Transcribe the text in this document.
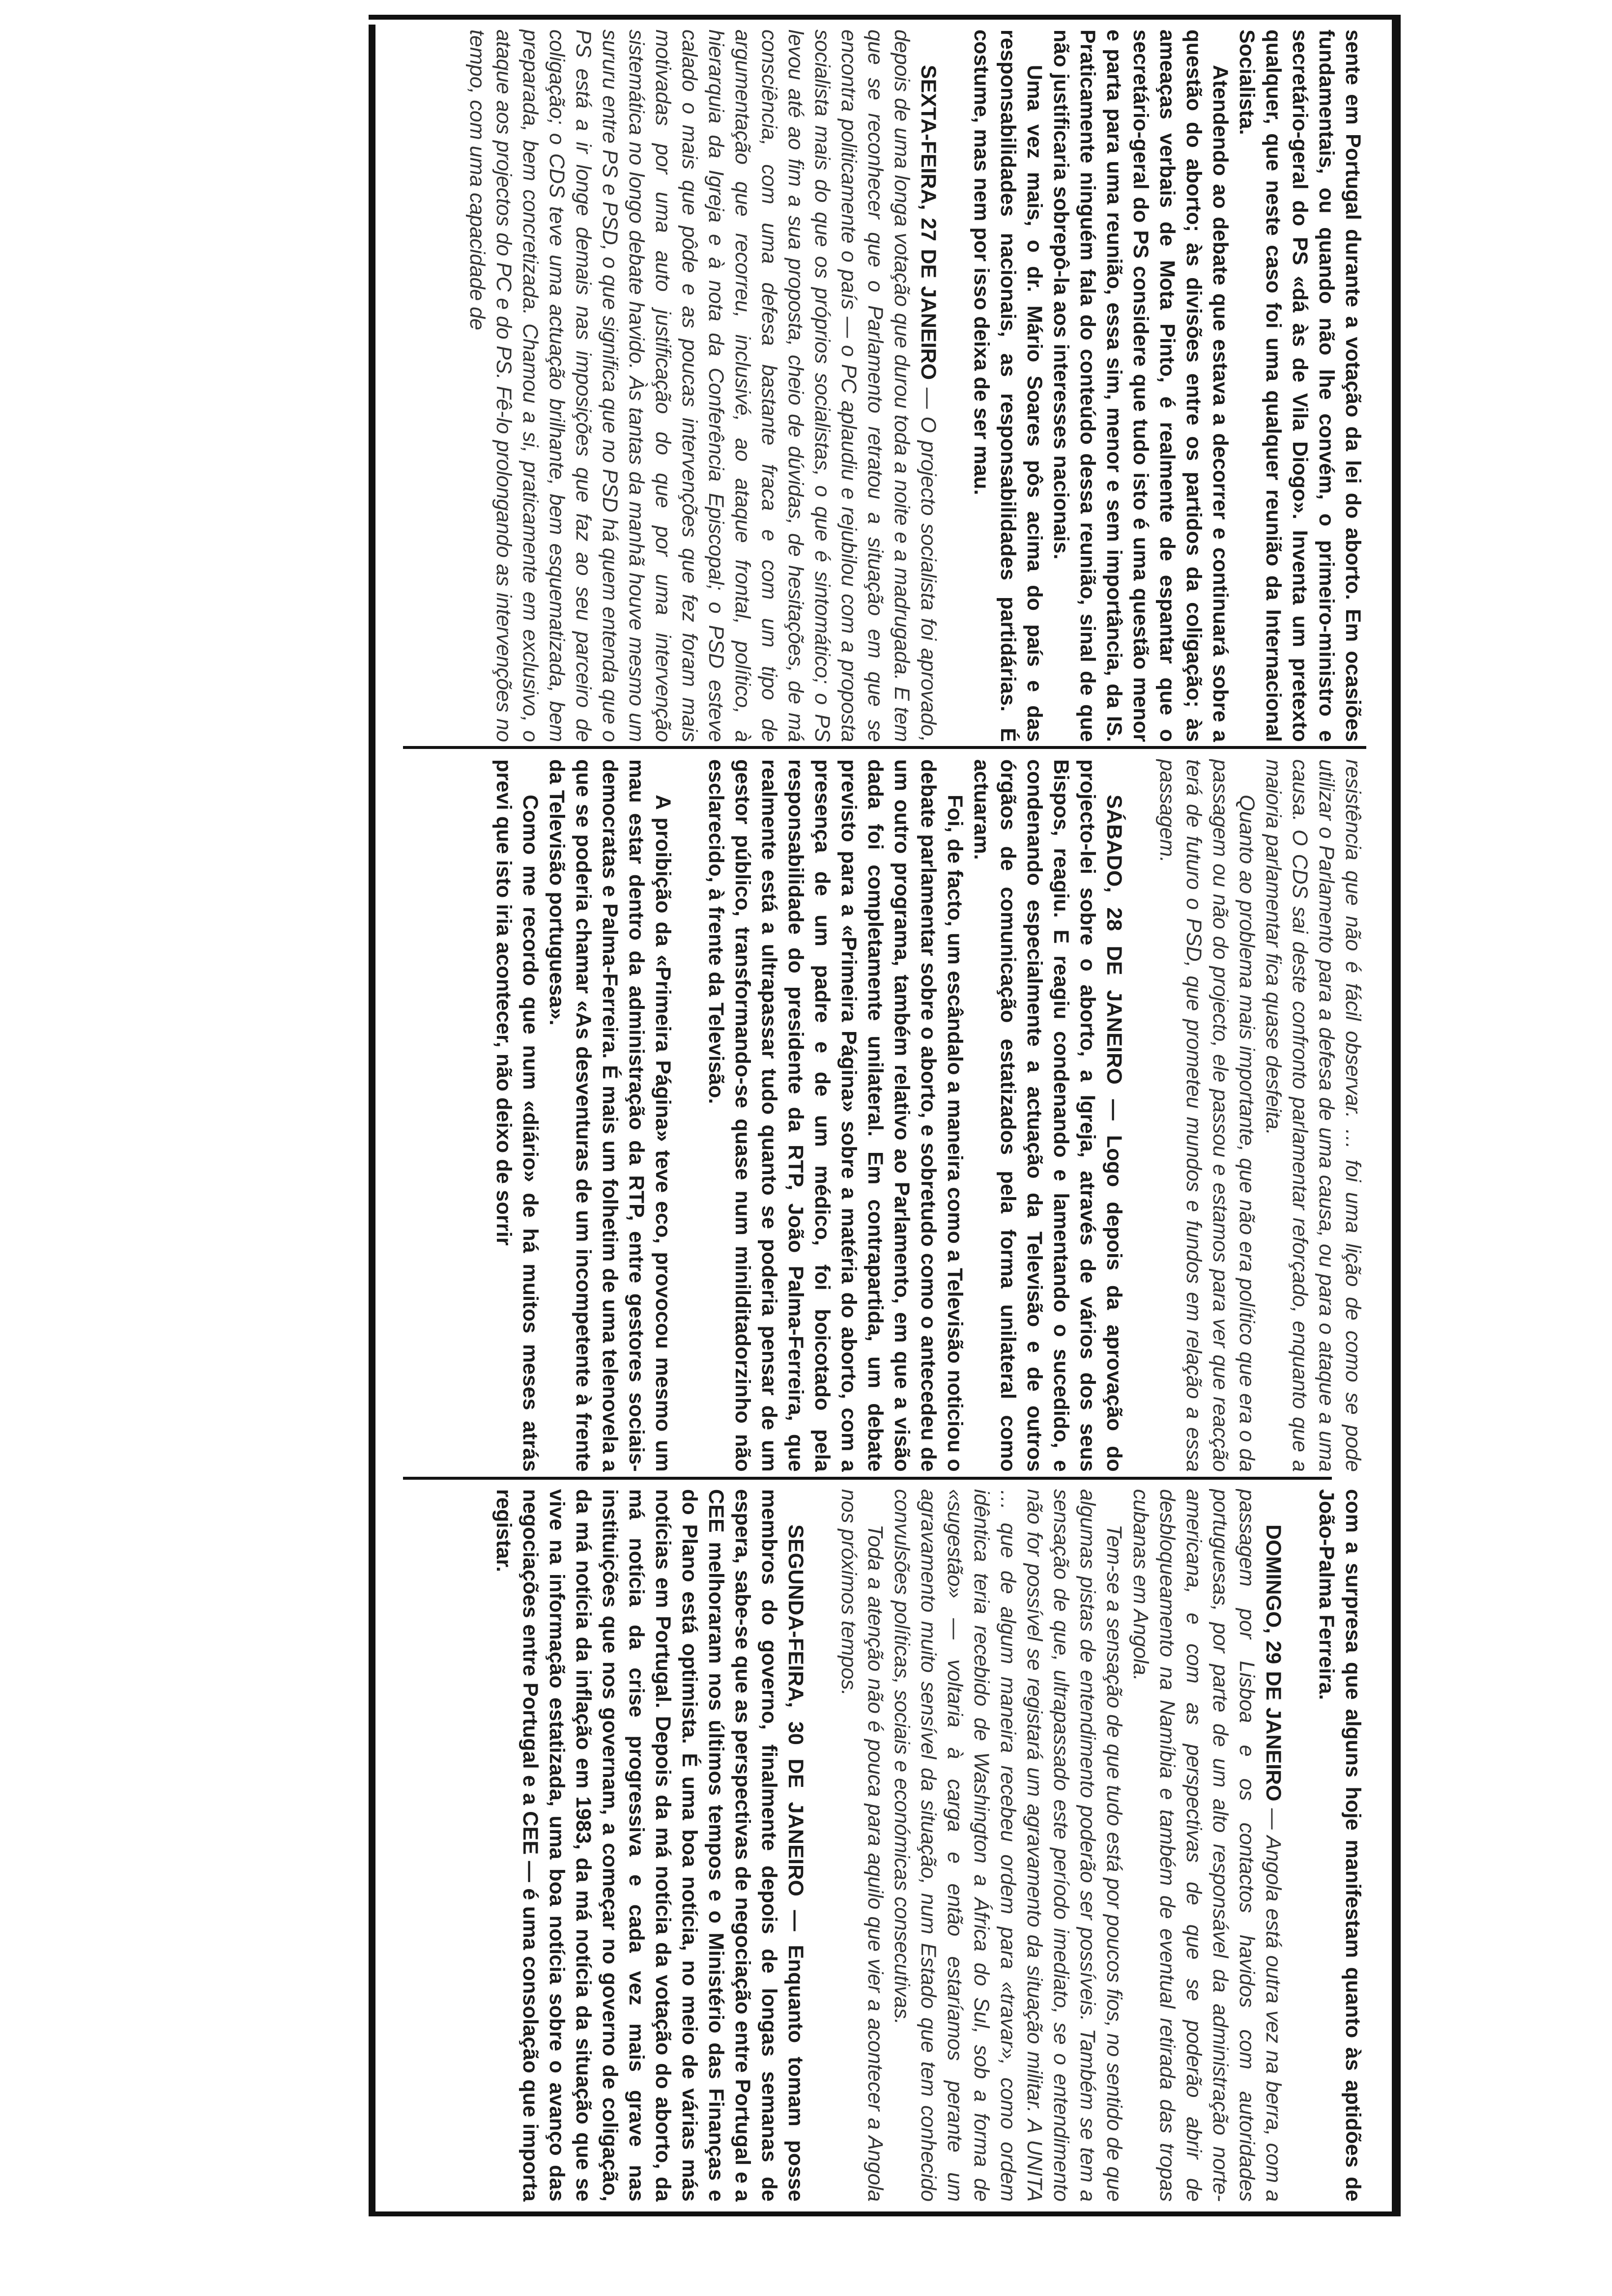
sente em Portugal durante a votação da lei do aborto. Em ocasiões fundamentais, ou quando não lhe convém, o primeiro-ministro e secretário-geral do PS «dá às de Vila Diogo». Inventa um pretexto qualquer, que neste caso foi uma qualquer reunião da Internacional Socialista.

Atendendo ao debate que estava a decorrer e continuará sobre a questão do aborto; às divisões entre os partidos da coligação; às ameaças verbais de Mota Pinto, é realmente de espantar que o secretário-geral do PS considere que tudo isto é uma questão menor e parta para uma reunião, essa sim, menor e sem importância, da IS. Praticamente ninguém fala do conteúdo dessa reunião, sinal de que não justificaria sobrepô-la aos interesses nacionais.

Uma vez mais, o dr. Mário Soares pôs acima do país e das responsabilidades nacionais, as responsabilidades partidárias. É costume, mas nem por isso deixa de ser mau.

SEXTA-FEIRA, 27 DE JANEIRO — O projecto socialista foi aprovado, depois de uma longa votação que durou toda a noite e a madrugada. E tem que se reconhecer que o Parlamento retratou a situação em que se encontra politicamente o país — o PC aplaudiu e rejubilou com a proposta socialista mais do que os próprios socialistas, o que é sintomático; o PS levou até ao fim a sua proposta, cheio de dúvidas, de hesitações, de má consciência, com uma defesa bastante fraca e com um tipo de argumentação que recorreu, inclusivé, ao ataque frontal, político, à hierarquia da Igreja e à nota da Conferência Episcopal; o PSD esteve calado o mais que pôde e as poucas intervenções que fez foram mais motivadas por uma auto justificação do que por uma intervenção sistemática no longo debate havido. Às tantas da manhã houve mesmo um sururu entre PS e PSD, o que significa que no PSD há quem entenda que o PS está a ir longe demais nas imposições que faz ao seu parceiro de coligação; o CDS teve uma actuação brilhante, bem esquematizada, bem preparada, bem concretizada. Chamou a si, praticamente em exclusivo, o ataque aos projectos do PC e do PS. Fê-lo prolongando as intervenções no tempo, com uma capacidade de

resistência que não é fácil observar. … foi uma lição de como se pode utilizar o Parlamento para a defesa de uma causa, ou para o ataque a uma causa. O CDS sai deste confronto parlamentar reforçado, enquanto que a maioria parlamentar fica quase desfeita.

Quanto ao problema mais importante, que não era político que era o da passagem ou não do projecto, ele passou e estamos para ver que reacção terá de futuro o PSD, que prometeu mundos e fundos em relação a essa passagem.

SÁBADO, 28 DE JANEIRO — Logo depois da aprovação do projecto-lei sobre o aborto, a Igreja, através de vários dos seus Bispos, reagiu. E reagiu condenando e lamentando o sucedido, e condenando especialmente a actuação da Televisão e de outros órgãos de comunicação estatizados pela forma unilateral como actuaram.

Foi, de facto, um escândalo a maneira como a Televisão noticiou o debate parlamentar sobre o aborto, e sobretudo como o antecedeu de um outro programa, também relativo ao Parlamento, em que a visão dada foi completamente unilateral. Em contrapartida, um debate previsto para a «Primeira Página» sobre a matéria do aborto, com a presença de um padre e de um médico, foi boicotado pela responsabilidade do presidente da RTP, João Palma-Ferreira, que realmente está a ultrapassar tudo quanto se poderia pensar de um gestor público, transformando-se quase num minilditadorzinho não esclarecido, à frente da Televisão.

A proibição da «Primeira Página» teve eco, provocou mesmo um mau estar dentro da administração da RTP, entre gestores sociais-democratas e Palma-Ferreira. É mais um folhetim de uma telenovela a que se poderia chamar «As desventuras de um incompetente à frente da Televisão portuguesa».

Como me recordo que num «diário» de há muitos meses atrás previ que isto iria acontecer, não deixo de sorrir

com a surpresa que alguns hoje manifestam quanto às aptidões de João-Palma Ferreira.

DOMINGO, 29 DE JANEIRO — Angola está outra vez na berra, com a passagem por Lisboa e os contactos havidos com autoridades portuguesas, por parte de um alto responsável da administração norte-americana, e com as perspectivas de que se poderão abrir de desbloqueamento na Namíbia e também de eventual retirada das tropas cubanas em Angola.

Tem-se a sensação de que tudo está por poucos fios, no sentido de que algumas pistas de entendimento poderão ser possíveis. Também se tem a sensação de que, ultrapassado este período imediato, se o entendimento não for possível se registará um agravamento da situação militar. A UNITA … que de algum maneira recebeu ordem para «travar», como ordem idêntica teria recebido de Washington a África do Sul, sob a forma de «sugestão» — voltaria à carga e então estaríamos perante um agravamento muito sensível da situação, num Estado que tem conhecido convulsões políticas, sociais e económicas consecutivas.

Toda a atenção não é pouca para aquilo que vier a acontecer a Angola nos próximos tempos.

SEGUNDA-FEIRA, 30 DE JANEIRO — Enquanto tomam posse membros do governo, finalmente depois de longas semanas de espera, sabe-se que as perspectivas de negociação entre Portugal e a CEE melhoraram nos últimos tempos e o Ministério das Finanças e do Plano está optimista. É uma boa notícia, no meio de várias más notícias em Portugal. Depois da má notícia da votação do aborto, da má notícia da crise progressiva e cada vez mais grave nas instituições que nos governam, a começar no governo de coligação, da má notícia da inflação em 1983, da má notícia da situação que se vive na informação estatizada, uma boa notícia sobre o avanço das negociações entre Portugal e a CEE — é uma consolação que importa registar.
